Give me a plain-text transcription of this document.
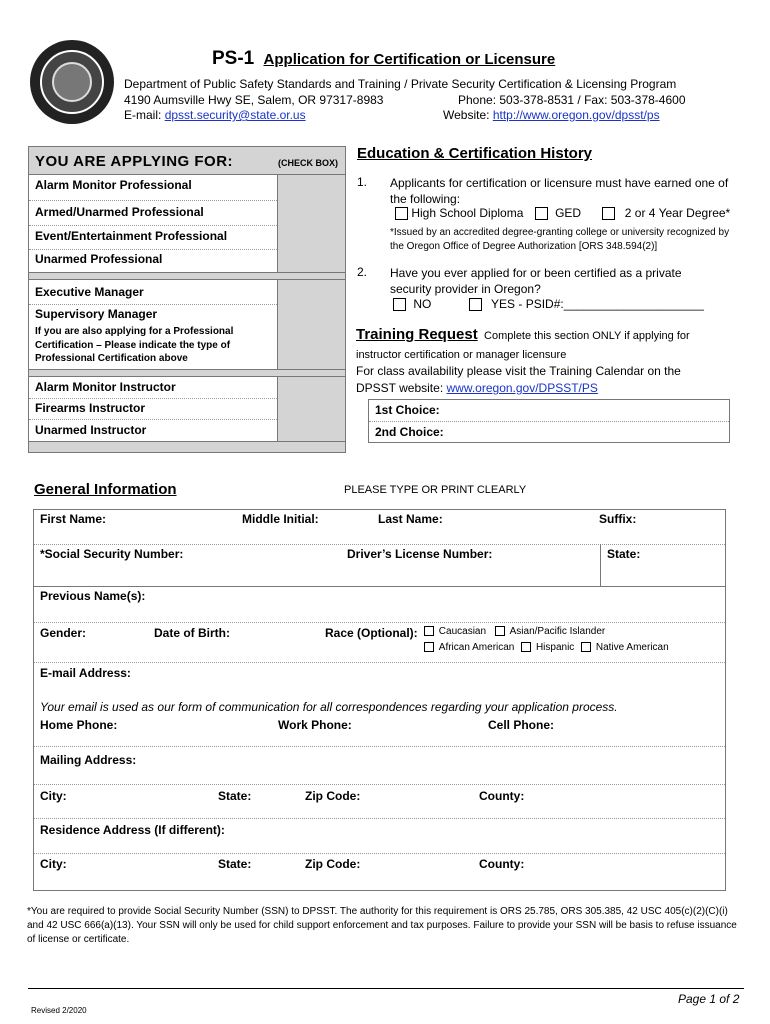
PS-1 Application for Certification or Licensure
Department of Public Safety Standards and Training / Private Security Certification & Licensing Program
4190 Aumsville Hwy SE, Salem, OR 97317-8983	Phone: 503-378-8531 / Fax: 503-378-4600
E-mail: dpsst.security@state.or.us	Website: http://www.oregon.gov/dpsst/ps
YOU ARE APPLYING FOR:	(CHECK BOX)
Alarm Monitor Professional
Armed/Unarmed Professional
Event/Entertainment Professional
Unarmed Professional
Executive Manager
Supervisory Manager
If you are also applying for a Professional Certification – Please indicate the type of Professional Certification above
Alarm Monitor Instructor
Firearms Instructor
Unarmed Instructor
Education & Certification History
1. Applicants for certification or licensure must have earned one of the following:
High School Diploma	GED	2 or 4 Year Degree*
*Issued by an accredited degree-granting college or university recognized by the Oregon Office of Degree Authorization [ORS 348.594(2)]
2. Have you ever applied for or been certified as a private security provider in Oregon?
NO	YES - PSID#:_____________________
Training Request Complete this section ONLY if applying for
instructor certification or manager licensure
For class availability please visit the Training Calendar on the
DPSST website: www.oregon.gov/DPSST/PS
1st Choice:
2nd Choice:
General Information	PLEASE TYPE OR PRINT CLEARLY
First Name:	Middle Initial:	Last Name:	Suffix:
*Social Security Number:	Driver’s License Number:	State:
Previous Name(s):
Gender:	Date of Birth:	Race (Optional):	Caucasian Asian/Pacific Islander
African American Hispanic Native American
E-mail Address:
Your email is used as our form of communication for all correspondences regarding your application process.
Home Phone:	Work Phone:	Cell Phone:
Mailing Address:
City:	State:	Zip Code:	County:
Residence Address (If different):
City:	State:	Zip Code:	County:
*You are required to provide Social Security Number (SSN) to DPSST. The authority for this requirement is ORS 25.785, ORS 305.385, 42 USC 405(c)(2)(C)(i) and 42 USC 666(a)(13). Your SSN will only be used for child support enforcement and tax purposes. Failure to provide your SSN will be basis to refuse issuance of license or certificate.
Page 1 of 2
Revised 2/2020
